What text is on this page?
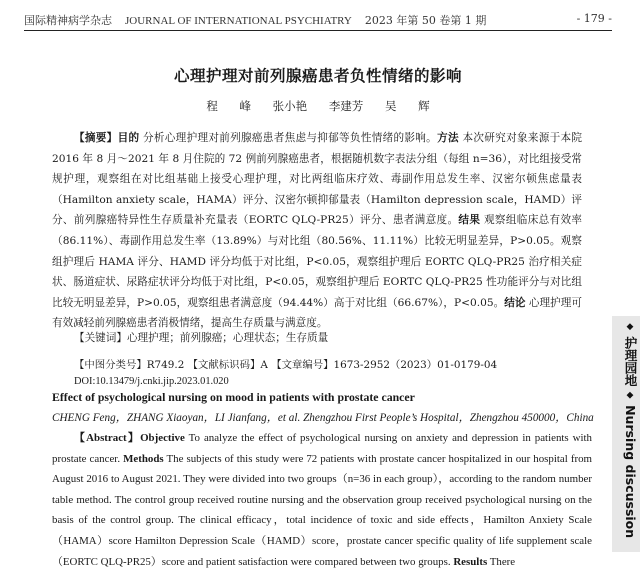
国际精神病学杂志 JOURNAL OF INTERNATIONAL PSYCHIATRY 2023 年第 50 卷第 1 期	- 179 -
心理护理对前列腺癌患者负性情绪的影响
程 峰 张小艳 李建芳 吴 辉

【摘要】目的 分析心理护理对前列腺癌患者焦虑与抑郁等负性情绪的影响。方法 本次研究对象来源于本院 2016 年 8 月～2021 年 8 月住院的 72 例前列腺癌患者，根据随机数字表法分组（每组 n=36），对比组接受常规护理，观察组在对比组基础上接受心理护理，对比两组临床疗效、毒副作用总发生率、汉密尔顿焦虑量表（Hamilton anxiety scale，HAMA）评分、汉密尔顿抑郁量表（Hamilton depression scale，HAMD）评分、前列腺癌特异性生存质量补充量表（EORTC QLQ-PR25）评分、患者满意度。结果 观察组临床总有效率（86.11%）、毒副作用总发生率（13.89%）与对比组（80.56%、11.11%）比较无明显差异，P>0.05。观察组护理后 HAMA 评分、HAMD 评分均低于对比组，P<0.05，观察组护理后 EORTC QLQ-PR25 治疗相关症状、肠道症状、尿路症状评分均低于对比组，P<0.05，观察组护理后 EORTC QLQ-PR25 性功能评分与对比组比较无明显差异，P>0.05，观察组患者满意度（94.44%）高于对比组（66.67%），P<0.05。结论 心理护理可有效减轻前列腺癌患者消极情绪，提高生存质量与满意度。

【关键词】心理护理；前列腺癌；心理状态；生存质量
【中图分类号】R749.2 【文献标识码】A 【文章编号】1673-2952（2023）01-0179-04
DOI:10.13479/j.cnki.jip.2023.01.020
Effect of psychological nursing on mood in patients with prostate cancer
CHENG Feng，ZHANG Xiaoyan，LI Jianfang，et al. Zhengzhou First People’s Hospital，Zhengzhou 450000，China

【Abstract】Objective To analyze the effect of psychological nursing on anxiety and depression in patients with prostate cancer. Methods The subjects of this study were 72 patients with prostate cancer hospitalized in our hospital from August 2016 to August 2021. They were divided into two groups（n=36 in each group），according to the random number table method. The control group received routine nursing and the observation group received psychological nursing on the basis of the control group. The clinical efficacy，total incidence of toxic and side effects，Hamilton Anxiety Scale（HAMA）score Hamilton Depression Scale（HAMD）score，prostate cancer specific quality of life supplement scale（EORTC QLQ-PR25）score and patient satisfaction were compared between two groups. Results There

◆ 护理园地 ◆ Nursing discussion
